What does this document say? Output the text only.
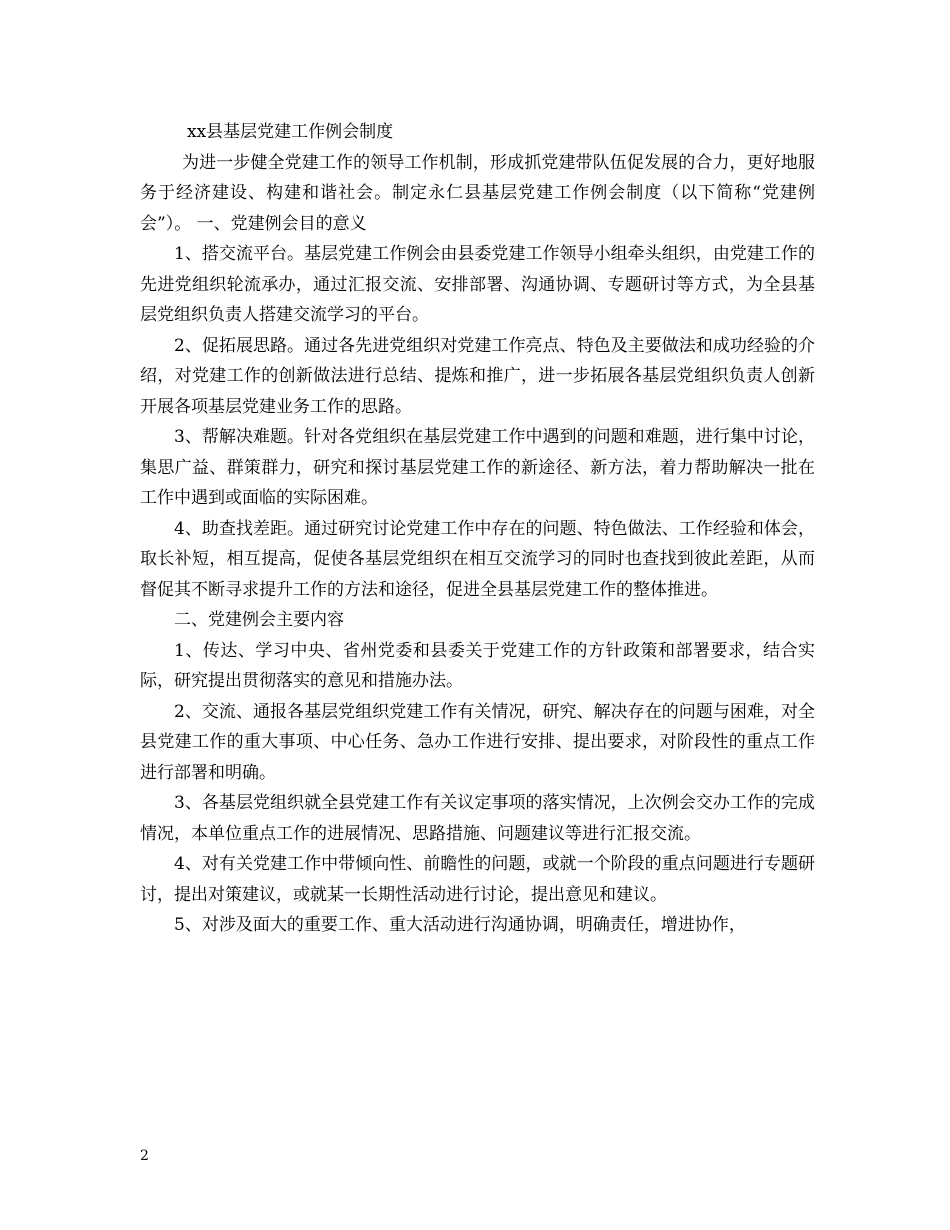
xx县基层党建工作例会制度

为进一步健全党建工作的领导工作机制，形成抓党建带队伍促发展的合力，更好地服务于经济建设、构建和谐社会。制定永仁县基层党建工作例会制度（以下简称“党建例会”）。 一、党建例会目的意义

1、搭交流平台。基层党建工作例会由县委党建工作领导小组牵头组织，由党建工作的先进党组织轮流承办，通过汇报交流、安排部署、沟通协调、专题研讨等方式，为全县基层党组织负责人搭建交流学习的平台。

2、促拓展思路。通过各先进党组织对党建工作亮点、特色及主要做法和成功经验的介绍，对党建工作的创新做法进行总结、提炼和推广，进一步拓展各基层党组织负责人创新开展各项基层党建业务工作的思路。

3、帮解决难题。针对各党组织在基层党建工作中遇到的问题和难题，进行集中讨论，集思广益、群策群力，研究和探讨基层党建工作的新途径、新方法，着力帮助解决一批在工作中遇到或面临的实际困难。

4、助查找差距。通过研究讨论党建工作中存在的问题、特色做法、工作经验和体会，取长补短，相互提高，促使各基层党组织在相互交流学习的同时也查找到彼此差距，从而督促其不断寻求提升工作的方法和途径，促进全县基层党建工作的整体推进。

二、党建例会主要内容

1、传达、学习中央、省州党委和县委关于党建工作的方针政策和部署要求，结合实际，研究提出贯彻落实的意见和措施办法。

2、交流、通报各基层党组织党建工作有关情况，研究、解决存在的问题与困难，对全县党建工作的重大事项、中心任务、急办工作进行安排、提出要求，对阶段性的重点工作进行部署和明确。

3、各基层党组织就全县党建工作有关议定事项的落实情况，上次例会交办工作的完成情况，本单位重点工作的进展情况、思路措施、问题建议等进行汇报交流。

4、对有关党建工作中带倾向性、前瞻性的问题，或就一个阶段的重点问题进行专题研讨，提出对策建议，或就某一长期性活动进行讨论，提出意见和建议。

5、对涉及面大的重要工作、重大活动进行沟通协调，明确责任，增进协作，

2
